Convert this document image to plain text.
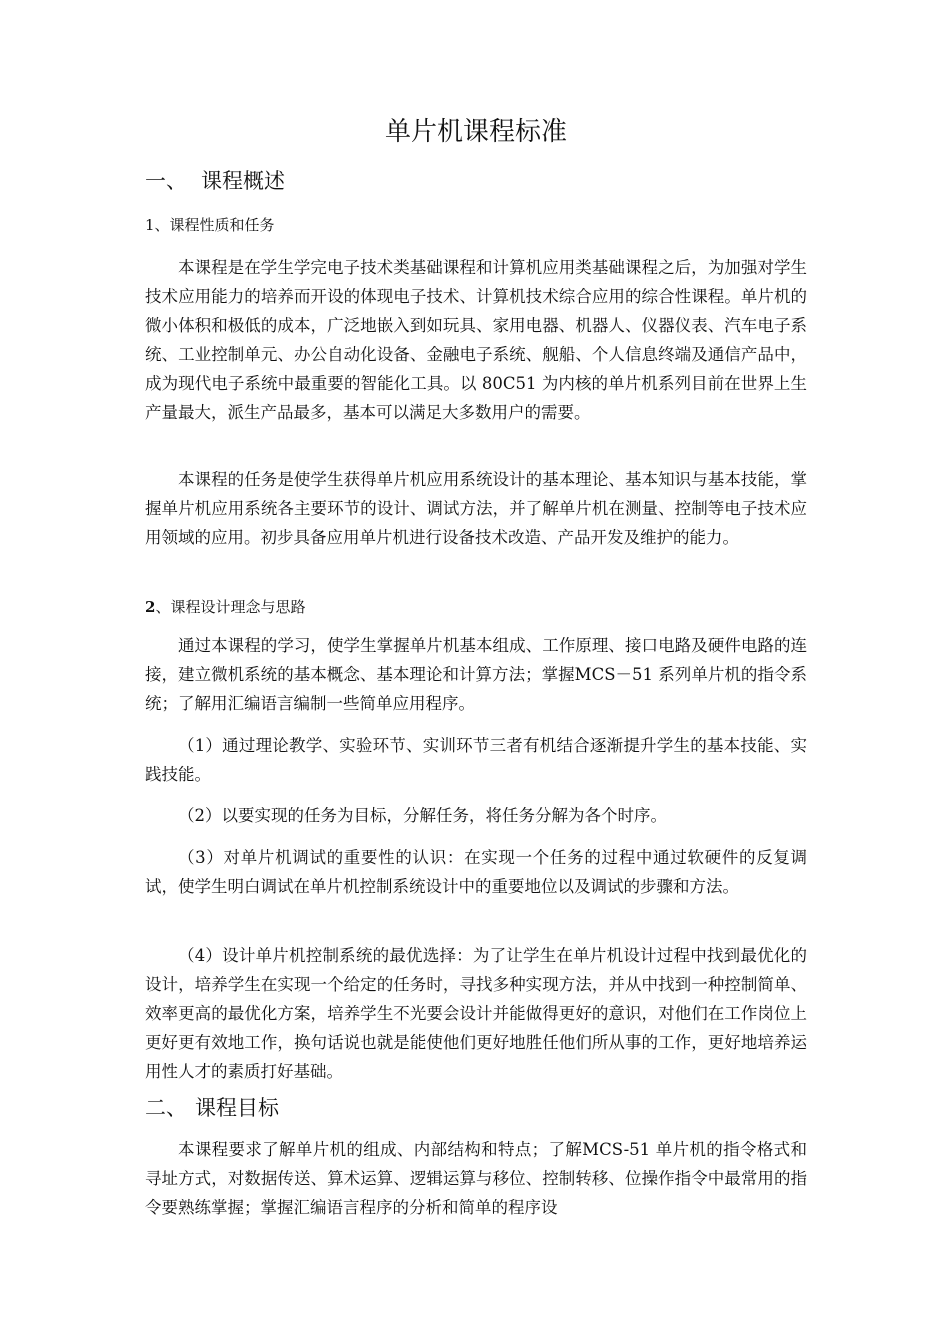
单片机课程标准
一、 课程概述
1、课程性质和任务

本课程是在学生学完电子技术类基础课程和计算机应用类基础课程之后，为加强对学生技术应用能力的培养而开设的体现电子技术、计算机技术综合应用的综合性课程。单片机的微小体积和极低的成本，广泛地嵌入到如玩具、家用电器、机器人、仪器仪表、汽车电子系统、工业控制单元、办公自动化设备、金融电子系统、舰船、个人信息终端及通信产品中，成为现代电子系统中最重要的智能化工具。以 80C51 为内核的单片机系列目前在世界上生产量最大，派生产品最多，基本可以满足大多数用户的需要。

本课程的任务是使学生获得单片机应用系统设计的基本理论、基本知识与基本技能，掌握单片机应用系统各主要环节的设计、调试方法，并了解单片机在测量、控制等电子技术应用领域的应用。初步具备应用单片机进行设备技术改造、产品开发及维护的能力。

2、课程设计理念与思路

通过本课程的学习，使学生掌握单片机基本组成、工作原理、接口电路及硬件电路的连接，建立微机系统的基本概念、基本理论和计算方法；掌握MCS－51 系列单片机的指令系统；了解用汇编语言编制一些简单应用程序。

（1）通过理论教学、实验环节、实训环节三者有机结合逐渐提升学生的基本技能、实践技能。

（2）以要实现的任务为目标，分解任务，将任务分解为各个时序。

（3）对单片机调试的重要性的认识：在实现一个任务的过程中通过软硬件的反复调试，使学生明白调试在单片机控制系统设计中的重要地位以及调试的步骤和方法。

（4）设计单片机控制系统的最优选择：为了让学生在单片机设计过程中找到最优化的设计，培养学生在实现一个给定的任务时，寻找多种实现方法，并从中找到一种控制简单、效率更高的最优化方案，培养学生不光要会设计并能做得更好的意识，对他们在工作岗位上更好更有效地工作，换句话说也就是能使他们更好地胜任他们所从事的工作，更好地培养运用性人才的素质打好基础。

二、 课程目标

本课程要求了解单片机的组成、内部结构和特点；了解MCS-51 单片机的指令格式和寻址方式，对数据传送、算术运算、逻辑运算与移位、控制转移、位操作指令中最常用的指令要熟练掌握；掌握汇编语言程序的分析和简单的程序设
